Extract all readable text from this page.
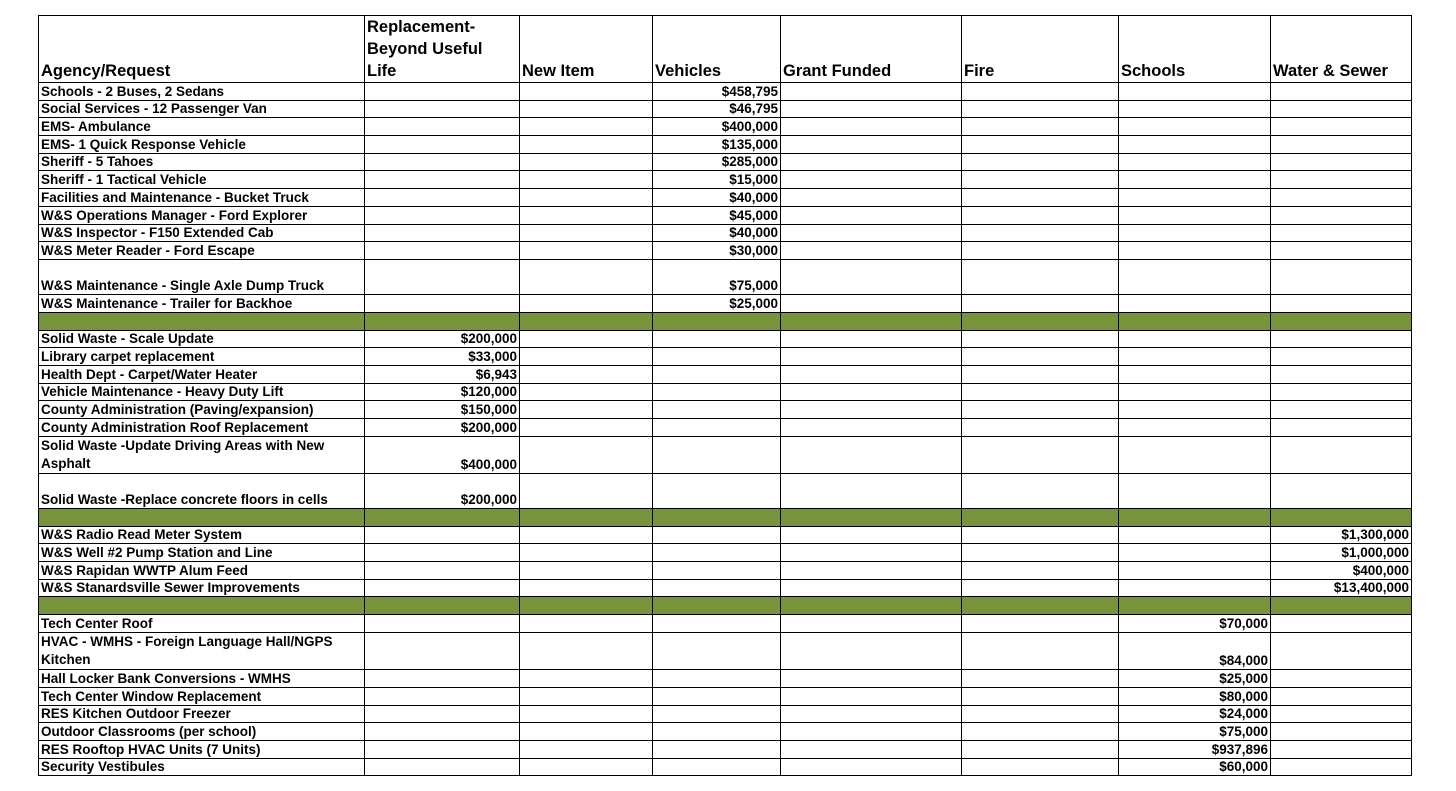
Agency/Request	Replacement-
Beyond Useful
Life	New Item	Vehicles	Grant Funded	Fire	Schools	Water & Sewer
Schools - 2 Buses, 2 Sedans			$458,795				
Social Services - 12 Passenger Van			$46,795				
EMS- Ambulance			$400,000				
EMS- 1 Quick Response Vehicle			$135,000				
Sheriff - 5 Tahoes			$285,000				
Sheriff - 1 Tactical Vehicle			$15,000				
Facilities and Maintenance - Bucket Truck			$40,000				
W&S Operations Manager - Ford Explorer			$45,000				
W&S Inspector - F150 Extended Cab			$40,000				
W&S Meter Reader - Ford Escape			$30,000				
W&S Maintenance - Single Axle Dump Truck			$75,000				
W&S Maintenance - Trailer for Backhoe			$25,000				

Solid Waste - Scale Update	$200,000						
Library carpet replacement	$33,000						
Health Dept - Carpet/Water Heater	$6,943						
Vehicle Maintenance - Heavy Duty Lift	$120,000						
County Administration (Paving/expansion)	$150,000						
County Administration Roof Replacement	$200,000						
Solid Waste -Update Driving Areas with New Asphalt	$400,000						
Solid Waste -Replace concrete floors in cells	$200,000						

W&S Radio Read Meter System							$1,300,000
W&S Well #2 Pump Station and Line							$1,000,000
W&S Rapidan WWTP Alum Feed							$400,000
W&S Stanardsville Sewer Improvements							$13,400,000

Tech Center Roof						$70,000	
HVAC - WMHS - Foreign Language Hall/NGPS Kitchen						$84,000	
Hall Locker Bank Conversions - WMHS						$25,000	
Tech Center Window Replacement						$80,000	
RES Kitchen Outdoor Freezer						$24,000	
Outdoor Classrooms (per school)						$75,000	
RES Rooftop HVAC Units (7 Units)						$937,896	
Security Vestibules						$60,000	
